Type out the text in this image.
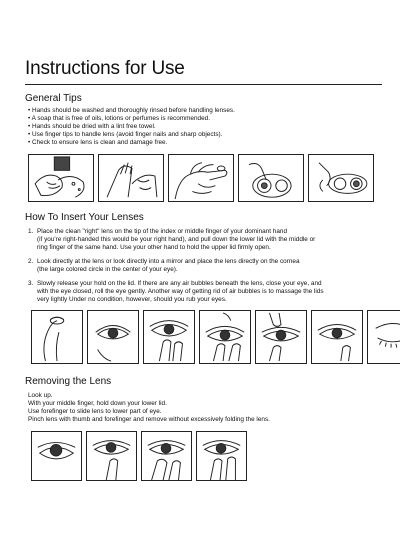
Instructions for Use
General Tips
• Hands should be washed and thoroughly rinsed before handling lenses.
• A soap that is free of oils, lotions or perfumes is recommended.
• Hands should be dried with a lint free towel.
• Use finger tips to handle lens (avoid finger nails and sharp objects).
• Check to ensure lens is clean and damage free.
How To Insert Your Lenses
1. Place the clean "right" lens on the tip of the index or middle finger of your dominant hand
(if you're right-handed this would be your right hand), and pull down the lower lid with the middle or
ring finger of the same hand. Use your other hand to hold the upper lid firmly open.
2. Look directly at the lens or look directly into a mirror and place the lens directly on the cornea
(the large colored circle in the center of your eye).
3. Slowly release your hold on the lid. If there are any air bubbles beneath the lens, close your eye, and
with the eye closed, roll the eye gently. Another way of getting rid of air bubbles is to massage the lids
very lightly Under no condition, however, should you rub your eyes.
Removing the Lens
Look up.
With your middle finger, hold down your lower lid.
Use forefinger to slide lens to lower part of eye.
Pinch lens with thumb and forefinger and remove without excessively folding the lens.
